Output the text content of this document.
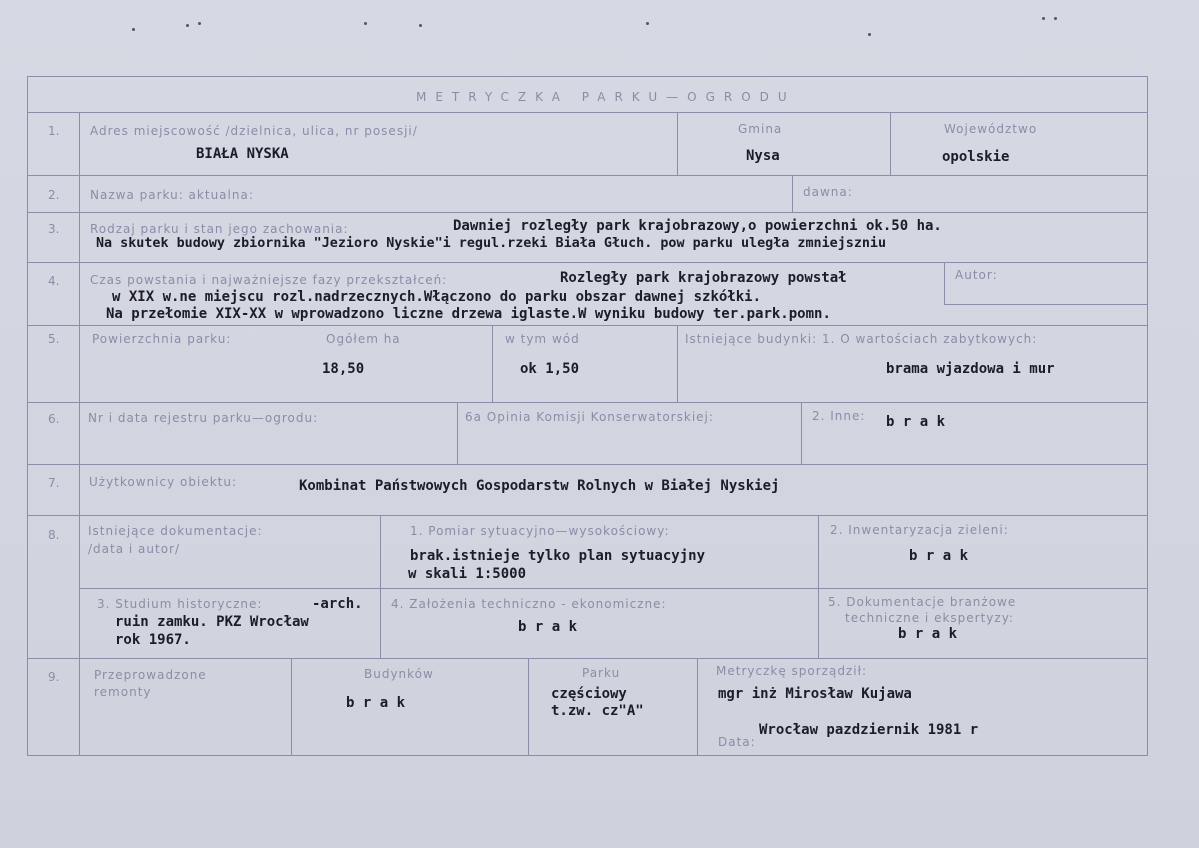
METRYCZKA PARKU—OGRODU
1.	Adres miejscowość /dzielnica, ulica, nr posesji/
BIAŁA NYSKA
Gmina
Nysa
Województwo
opolskie
2.	Nazwa parku: aktualna:	dawna:
3.	Rodzaj parku i stan jego zachowania:	Dawniej rozległy park krajobrazowy,o powierzchni ok.50 ha.
Na skutek budowy zbiornika "Jezioro Nyskie"i regul.rzeki Biała Głuch. pow parku uległa zmniejszniu
4.	Czas powstania i najważniejsze fazy przekształceń:	Rozległy park krajobrazowy powstał
w XIX w.ne miejscu rozl.nadrzecznych.Włączono do parku obszar dawnej szkółki.
Na przełomie XIX-XX w wprowadzono liczne drzewa iglaste.W wyniku budowy ter.park.pomn.
Autor:
5.	Powierzchnia parku:	Ogółem ha
18,50
w tym wód
ok 1,50
Istniejące budynki: 1. O wartościach zabytkowych:
brama wjazdowa i mur
6. Nr i data rejestru parku—ogrodu:	6a Opinia Komisji Konserwatorskiej:	2. Inne: b r a k
7. Użytkownicy obiektu:	Kombinat Państwowych Gospodarstw Rolnych w Białej Nyskiej
8. Istniejące dokumentacje:
/data i autor/
1. Pomiar sytuacyjno—wysokościowy:
brak.istnieje tylko plan sytuacyjny
w skali 1:5000
2. Inwentaryzacja zieleni:
b r a k
3. Studium historyczne:	-arch.
ruin zamku. PKZ Wrocław
rok 1967.
4. Założenia techniczno - ekonomiczne:
b r a k
5. Dokumentacje branżowe
techniczne i ekspertyzy:
b r a k
9.	Przeprowadzone
remonty
Budynków
b r a k
Parku
częściowy
t.zw. cz"A"
Metryczkę sporządził:
mgr inż Mirosław Kujawa
Data:
Wrocław pazdziernik 1981 r
